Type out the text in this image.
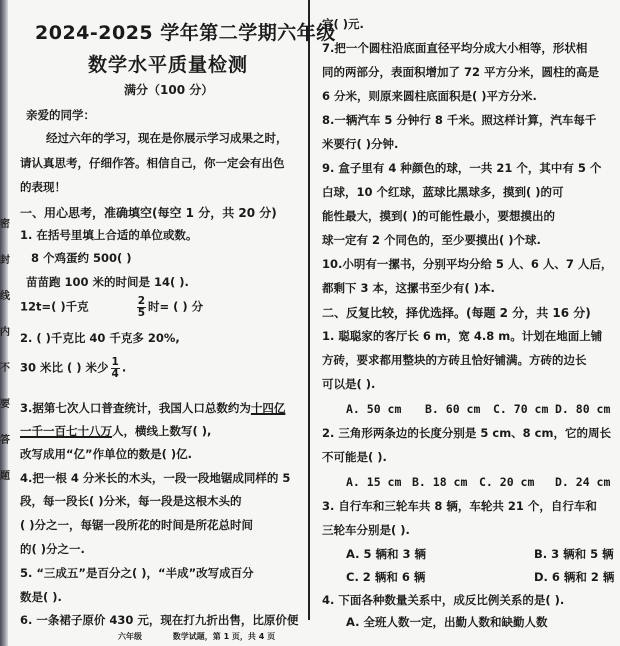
密
封
线
内
不
要
答
题
2024-2025 学年第二学期六年级
数学水平质量检测
满分（100 分）
亲爱的同学：
经过六年的学习，现在是你展示学习成果之时，
请认真思考，仔细作答。相信自己，你一定会有出色
的表现！
一、用心思考，准确填空(每空 1 分，共 20 分)
1. 在括号里填上合适的单位或数。
8 个鸡蛋约 500( )
苗苗跑 100 米的时间是 14( ).
12t=( )千克	$\frac{2}{5}$ 时= ( ) 分
2. ( )千克比 40 千克多 20%,
30 米比 ( ) 米少 $\frac{1}{4}$ .
3.据第七次人口普查统计，我国人口总数约为十四亿
一千一百七十八万人，横线上数写( ),
改写成用“亿”作单位的数是( )亿.
4.把一根 4 分米长的木头，一段一段地锯成同样的 5
段，每一段长( )分米，每一段是这根木头的
( )分之一，每锯一段所花的时间是所花总时间
的( )分之一.
5. “三成五”是百分之( )，“半成”改写成百分
数是( ).
6. 一条裙子原价 430 元，现在打九折出售，比原价便
宜( )元.
7.把一个圆柱沿底面直径平均分成大小相等，形状相
同的两部分，表面积增加了 72 平方分米，圆柱的高是
6 分米，则原来圆柱底面积是( )平方分米.
8.一辆汽车 5 分钟行 8 千米。照这样计算，汽车每千
米要行( )分钟.
9. 盒子里有 4 种颜色的球，一共 21 个，其中有 5 个
白球，10 个红球，蓝球比黑球多，摸到( )的可
能性最大，摸到( )的可能性最小，要想摸出的
球一定有 2 个同色的，至少要摸出( )个球.
10.小明有一摞书，分别平均分给 5 人、6 人、7 人后，
都剩下 3 本，这摞书至少有( )本.
二、反复比较，择优选择。(每题 2 分，共 16 分)
1. 聪聪家的客厅长 6 m，宽 4.8 m。计划在地面上铺
方砖，要求都用整块的方砖且恰好铺满。方砖的边长
可以是( ).
A. 50 cm B. 60 cm C. 70 cm D. 80 cm
2. 三角形两条边的长度分别是 5 cm、8 cm，它的周长
不可能是( ).
A. 15 cm B. 18 cm C. 20 cm D. 24 cm
3. 自行车和三轮车共 8 辆，车轮共 21 个，自行车和
三轮车分别是( ).
A. 5 辆和 3 辆	B. 3 辆和 5 辆
C. 2 辆和 6 辆	D. 6 辆和 2 辆
4. 下面各种数量关系中，成反比例关系的是( ).
A. 全班人数一定，出勤人数和缺勤人数
六年级	数学试题，第 1 页，共 4 页
